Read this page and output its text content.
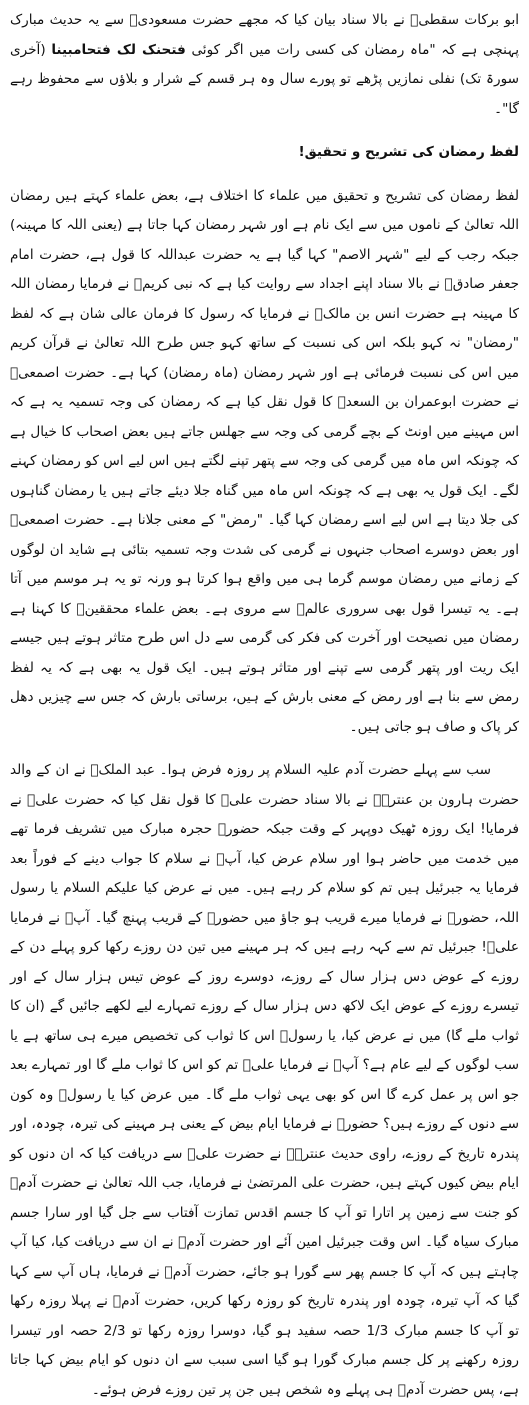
ابو برکات سقطیؒ نے بالا سناد بیان کیا کہ مجھے حضرت مسعودیؒ سے یہ حدیث مبارک پہنچی ہے کہ "ماہ رمضان کی کسی رات میں اگر کوئی فتحنک لک فتحامبینا (آخری سورۃ تک) نفلی نمازیں پڑھے تو پورے سال وہ ہر قسم کے شرار و بلاؤں سے محفوظ رہے گا"۔

لفظ رمضان کی تشریح و تحقیق!

لفظ رمضان کی تشریح و تحقیق میں علماء کا اختلاف ہے، بعض علماء کہتے ہیں رمضان اللہ تعالیٰ کے ناموں میں سے ایک نام ہے اور شہر رمضان کہا جاتا ہے (یعنی اللہ کا مہینہ) جبکہ رجب کے لیے "شہر الاصم" کہا گیا ہے یہ حضرت عبداللہ کا قول ہے، حضرت امام جعفر صادقؒ نے بالا سناد اپنے اجداد سے روایت کیا ہے کہ نبی کریمؐ نے فرمایا رمضان اللہ کا مہینہ ہے حضرت انس بن مالکؓ نے فرمایا کہ رسول کا فرمان عالی شان ہے کہ لفظ "رمضان" نہ کہو بلکہ اس کی نسبت کے ساتھ کہو جس طرح اللہ تعالیٰ نے قرآن کریم میں اس کی نسبت فرمائی ہے اور شہر رمضان (ماہ رمضان) کہا ہے۔ حضرت اصمعیؒ نے حضرت ابوعمران بن السعدؒ کا قول نقل کیا ہے کہ رمضان کی وجہ تسمیہ یہ ہے کہ اس مہینے میں اونٹ کے بچے گرمی کی وجہ سے جھلس جاتے ہیں بعض اصحاب کا خیال ہے کہ چونکہ اس ماہ میں گرمی کی وجہ سے پتھر تپنے لگتے ہیں اس لیے اس کو رمضان کہنے لگے۔ ایک قول یہ بھی ہے کہ چونکہ اس ماہ میں گناہ جلا دیئے جاتے ہیں یا رمضان گناہوں کی جلا دیتا ہے اس لیے اسے رمضان کہا گیا۔ "رمض" کے معنی جلانا ہے۔ حضرت اصمعیؒ اور بعض دوسرے اصحاب جنہوں نے گرمی کی شدت وجہ تسمیہ بتائی ہے شاید ان لوگوں کے زمانے میں رمضان موسم گرما ہی میں واقع ہوا کرتا ہو ورنہ تو یہ ہر موسم میں آتا ہے۔ یہ تیسرا قول بھی سروری عالمؐ سے مروی ہے۔ بعض علماء محققینؒ کا کہنا ہے رمضان میں نصیحت اور آخرت کی فکر کی گرمی سے دل اس طرح متاثر ہوتے ہیں جیسے ایک ریت اور پتھر گرمی سے تپنے اور متاثر ہوتے ہیں۔ ایک قول یہ بھی ہے کہ یہ لفظ رمض سے بنا ہے اور رمض کے معنی بارش کے ہیں، برساتی بارش کہ جس سے چیزیں دھل کر پاک و صاف ہو جاتی ہیں۔

سب سے پہلے حضرت آدم علیہ السلام پر روزہ فرض ہوا۔ عبد الملکؒ نے ان کے والد حضرت ہارون بن عنترہؒ نے بالا سناد حضرت علیؓ کا قول نقل کیا کہ حضرت علیؓ نے فرمایا! ایک روزہ ٹھیک دوپہر کے وقت جبکہ حضورؐ حجرہ مبارک میں تشریف فرما تھے میں خدمت میں حاضر ہوا اور سلام عرض کیا، آپؐ نے سلام کا جواب دینے کے فوراً بعد فرمایا یہ جبرئیل ہیں تم کو سلام کر رہے ہیں۔ میں نے عرض کیا علیکم السلام یا رسول اللہ، حضورؐ نے فرمایا میرے قریب ہو جاؤ میں حضورؐ کے قریب پہنچ گیا۔ آپؐ نے فرمایا علیؓ! جبرئیل تم سے کہہ رہے ہیں کہ ہر مہینے میں تین دن روزے رکھا کرو پہلے دن کے روزے کے عوض دس ہزار سال کے روزے، دوسرے روز کے عوض تیس ہزار سال کے اور تیسرے روزے کے عوض ایک لاکھ دس ہزار سال کے روزے تمہارے لیے لکھے جائیں گے (ان کا ثواب ملے گا) میں نے عرض کیا، یا رسولؐ اس کا ثواب کی تخصیص میرے ہی ساتھ ہے یا سب لوگوں کے لیے عام ہے؟ آپؐ نے فرمایا علیؓ تم کو اس کا ثواب ملے گا اور تمہارے بعد جو اس پر عمل کرے گا اس کو بھی یہی ثواب ملے گا۔ میں عرض کیا یا رسولؐ وہ کون سے دنوں کے روزے ہیں؟ حضورؐ نے فرمایا ایام بیض کے یعنی ہر مہینے کی تیرہ، چودہ، اور پندرہ تاریخ کے روزے، راوی حدیث عنترہؒ نے حضرت علیؓ سے دریافت کیا کہ ان دنوں کو ایام بیض کیوں کہتے ہیں، حضرت علی المرتضیٰ نے فرمایا، جب اللہ تعالیٰ نے حضرت آدمؑ کو جنت سے زمین پر اتارا تو آپ کا جسم اقدس تمازت آفتاب سے جل گیا اور سارا جسم مبارک سیاہ گیا۔ اس وقت جبرئیل امین آئے اور حضرت آدمؑ نے ان سے دریافت کیا، کیا آپ چاہتے ہیں کہ آپ کا جسم پھر سے گورا ہو جائے، حضرت آدمؑ نے فرمایا، ہاں آپ سے کہا گیا کہ آپ تیرہ، چودہ اور پندرہ تاریخ کو روزہ رکھا کریں، حضرت آدمؑ نے پہلا روزہ رکھا تو آپ کا جسم مبارک 1/3 حصہ سفید ہو گیا، دوسرا روزہ رکھا تو 2/3 حصہ اور تیسرا روزہ رکھنے پر کل جسم مبارک گورا ہو گیا اسی سبب سے ان دنوں کو ایام بیض کہا جاتا ہے، پس حضرت آدمؑ ہی پہلے وہ شخص ہیں جن پر تین روزے فرض ہوئے۔
